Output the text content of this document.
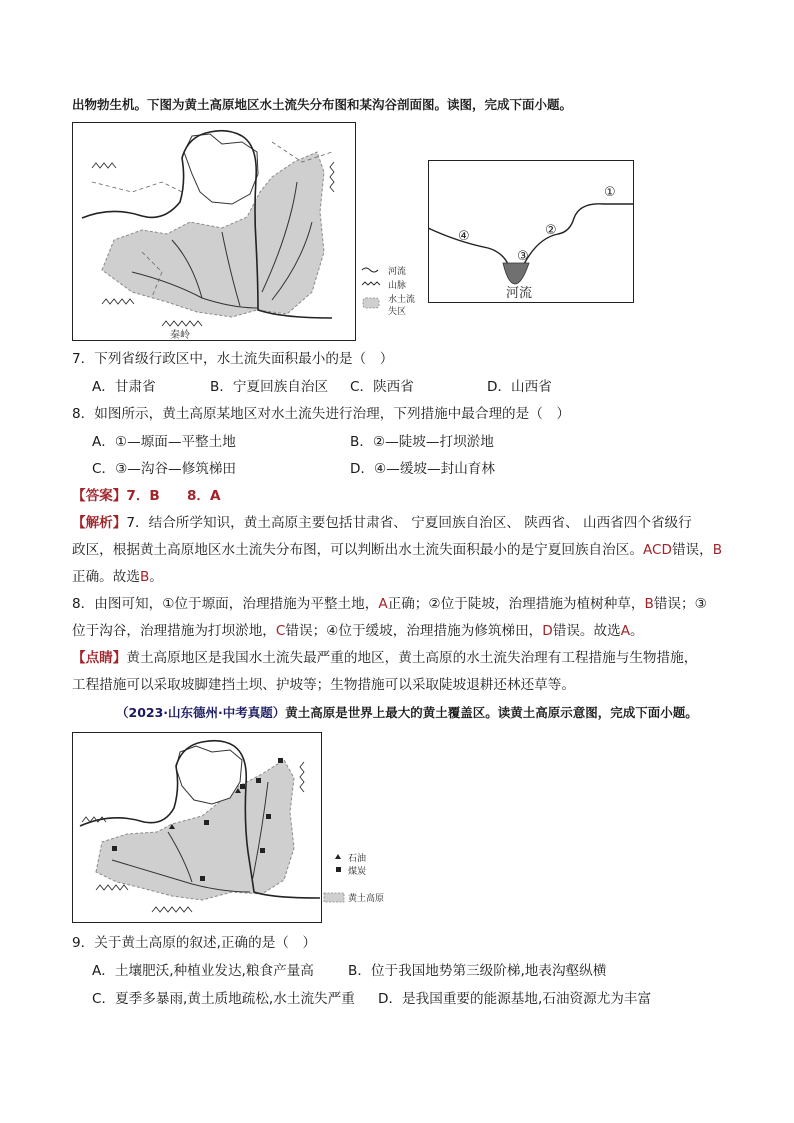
出物勃生机。下图为黄土高原地区水土流失分布图和某沟谷剖面图。读图，完成下面小题。
秦岭
河流
山脉
水土流
失区
①
②
③
④
河流
7．下列省级行政区中，水土流失面积最小的是（　）
A．甘肃省	B．宁夏回族自治区 C．陕西省	D．山西省
8．如图所示，黄土高原某地区对水土流失进行治理，下列措施中最合理的是（　）
A．①—塬面—平整土地	B．②—陡坡—打坝淤地
C．③—沟谷—修筑梯田	D．④—缓坡—封山育林
【答案】7．B　　8．A
【解析】7．结合所学知识，黄土高原主要包括甘肃省、 宁夏回族自治区、 陕西省、 山西省四个省级行
政区，根据黄土高原地区水土流失分布图，可以判断出水土流失面积最小的是宁夏回族自治区。ACD错误，B
正确。故选B。
8．由图可知，①位于塬面，治理措施为平整土地，A正确；②位于陡坡，治理措施为植树种草，B错误；③
位于沟谷，治理措施为打坝淤地，C错误；④位于缓坡，治理措施为修筑梯田，D错误。故选A。
【点睛】黄土高原地区是我国水土流失最严重的地区，黄土高原的水土流失治理有工程措施与生物措施，
工程措施可以采取坡脚建挡土坝、护坡等；生物措施可以采取陡坡退耕还林还草等。
（2023·山东德州·中考真题）黄土高原是世界上最大的黄土覆盖区。读黄土高原示意图，完成下面小题。
石油
煤炭
黄土高原
9．关于黄土高原的叙述,正确的是（　）
A．土壤肥沃,种植业发达,粮食产量高	B．位于我国地势第三级阶梯,地表沟壑纵横
C．夏季多暴雨,黄土质地疏松,水土流失严重 D．是我国重要的能源基地,石油资源尤为丰富
